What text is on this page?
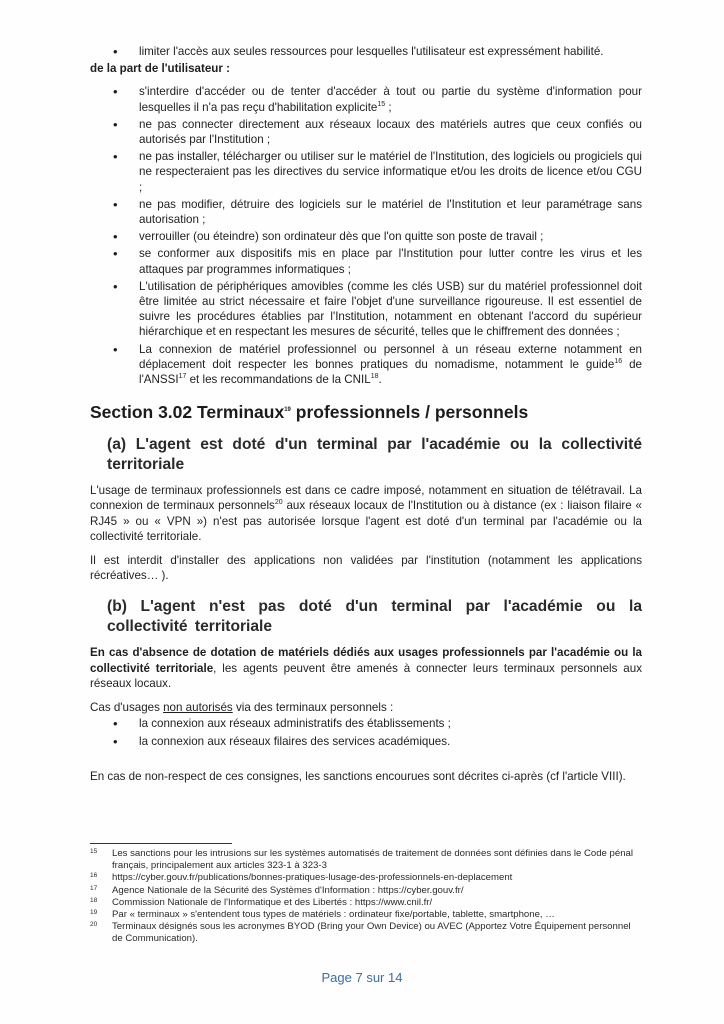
• limiter l'accès aux seules ressources pour lesquelles l'utilisateur est expressément habilité.
de la part de l'utilisateur :
• s'interdire d'accéder ou de tenter d'accéder à tout ou partie du système d'information pour lesquelles il n'a pas reçu d'habilitation explicite$^{15}$ ;
• ne pas connecter directement aux réseaux locaux des matériels autres que ceux confiés ou autorisés par l'Institution ;
• ne pas installer, télécharger ou utiliser sur le matériel de l'Institution, des logiciels ou progiciels qui ne respecteraient pas les directives du service informatique et/ou les droits de licence et/ou CGU ;
• ne pas modifier, détruire des logiciels sur le matériel de l'Institution et leur paramétrage sans autorisation ;
• verrouiller (ou éteindre) son ordinateur dès que l'on quitte son poste de travail ;
• se conformer aux dispositifs mis en place par l'Institution pour lutter contre les virus et les attaques par programmes informatiques ;
• L'utilisation de périphériques amovibles (comme les clés USB) sur du matériel professionnel doit être limitée au strict nécessaire et faire l'objet d'une surveillance rigoureuse. Il est essentiel de suivre les procédures établies par l'Institution, notamment en obtenant l'accord du supérieur hiérarchique et en respectant les mesures de sécurité, telles que le chiffrement des données ;
• La connexion de matériel professionnel ou personnel à un réseau externe notamment en déplacement doit respecter les bonnes pratiques du nomadisme, notamment le guide$^{16}$ de l'ANSSI$^{17}$ et les recommandations de la CNIL$^{18}$.
Section 3.02 Terminaux$^{19}$ professionnels / personnels
(a) L'agent est doté d'un terminal par l'académie ou la collectivité territoriale

L'usage de terminaux professionnels est dans ce cadre imposé, notamment en situation de télétravail. La connexion de terminaux personnels$^{20}$ aux réseaux locaux de l'Institution ou à distance (ex : liaison filaire « RJ45 » ou « VPN ») n'est pas autorisée lorsque l'agent est doté d'un terminal par l'académie ou la collectivité territoriale.

Il est interdit d'installer des applications non validées par l'institution (notamment les applications récréatives… ).

(b) L'agent n'est pas doté d'un terminal par l'académie ou la collectivité territoriale

En cas d'absence de dotation de matériels dédiés aux usages professionnels par l'académie ou la collectivité territoriale, les agents peuvent être amenés à connecter leurs terminaux personnels aux réseaux locaux.

Cas d'usages non autorisés via des terminaux personnels :

• la connexion aux réseaux administratifs des établissements ;
• la connexion aux réseaux filaires des services académiques.

En cas de non-respect de ces consignes, les sanctions encourues sont décrites ci-après (cf l'article VIII).

15 Les sanctions pour les intrusions sur les systèmes automatisés de traitement de données sont définies dans le Code pénal français, principalement aux articles 323-1 à 323-3
16 https://cyber.gouv.fr/publications/bonnes-pratiques-lusage-des-professionnels-en-deplacement
17 Agence Nationale de la Sécurité des Systèmes d'Information : https://cyber.gouv.fr/
18 Commission Nationale de l'Informatique et des Libertés : https://www.cnil.fr/
19 Par « terminaux » s'entendent tous types de matériels : ordinateur fixe/portable, tablette, smartphone, …
20 Terminaux désignés sous les acronymes BYOD (Bring your Own Device) ou AVEC (Apportez Votre Équipement personnel de Communication).
Page 7 sur 14
